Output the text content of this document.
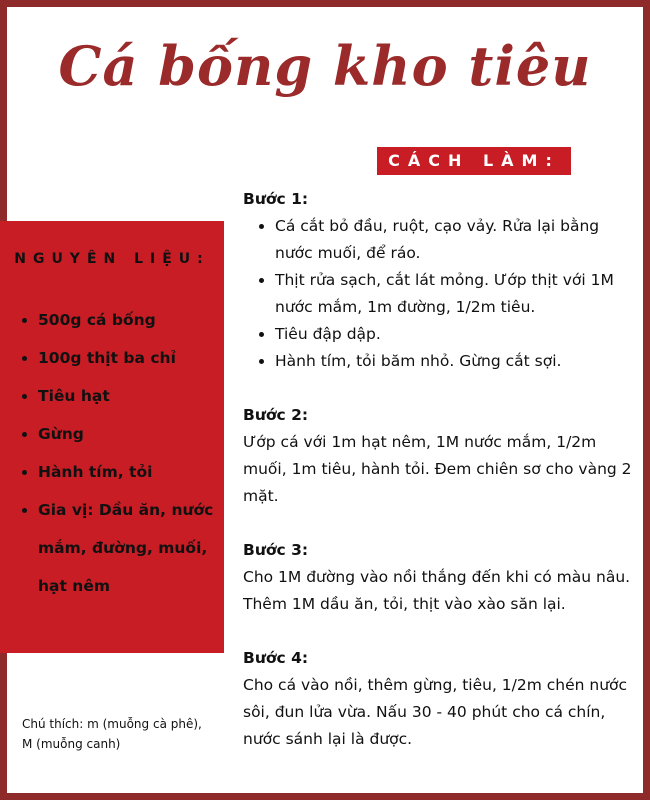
Cá bống kho tiêu
CÁCH LÀM:
NGUYÊN LIỆU:
• 500g cá bống
• 100g thịt ba chỉ
• Tiêu hạt
• Gừng
• Hành tím, tỏi
• Gia vị: Dầu ăn, nước mắm, đường, muối, hạt nêm
Chú thích: m (muỗng cà phê), M (muỗng canh)
Bước 1:
• Cá cắt bỏ đầu, ruột, cạo vảy. Rửa lại bằng nước muối, để ráo.
• Thịt rửa sạch, cắt lát mỏng. Ướp thịt với 1M nước mắm, 1m đường, 1/2m tiêu.
• Tiêu đập dập.
• Hành tím, tỏi băm nhỏ. Gừng cắt sợi.
Bước 2:
Ướp cá với 1m hạt nêm, 1M nước mắm, 1/2m muối, 1m tiêu, hành tỏi. Đem chiên sơ cho vàng 2 mặt.
Bước 3:
Cho 1M đường vào nồi thắng đến khi có màu nâu. Thêm 1M dầu ăn, tỏi, thịt vào xào săn lại.
Bước 4:
Cho cá vào nồi, thêm gừng, tiêu, 1/2m chén nước sôi, đun lửa vừa. Nấu 30 - 40 phút cho cá chín, nước sánh lại là được.
